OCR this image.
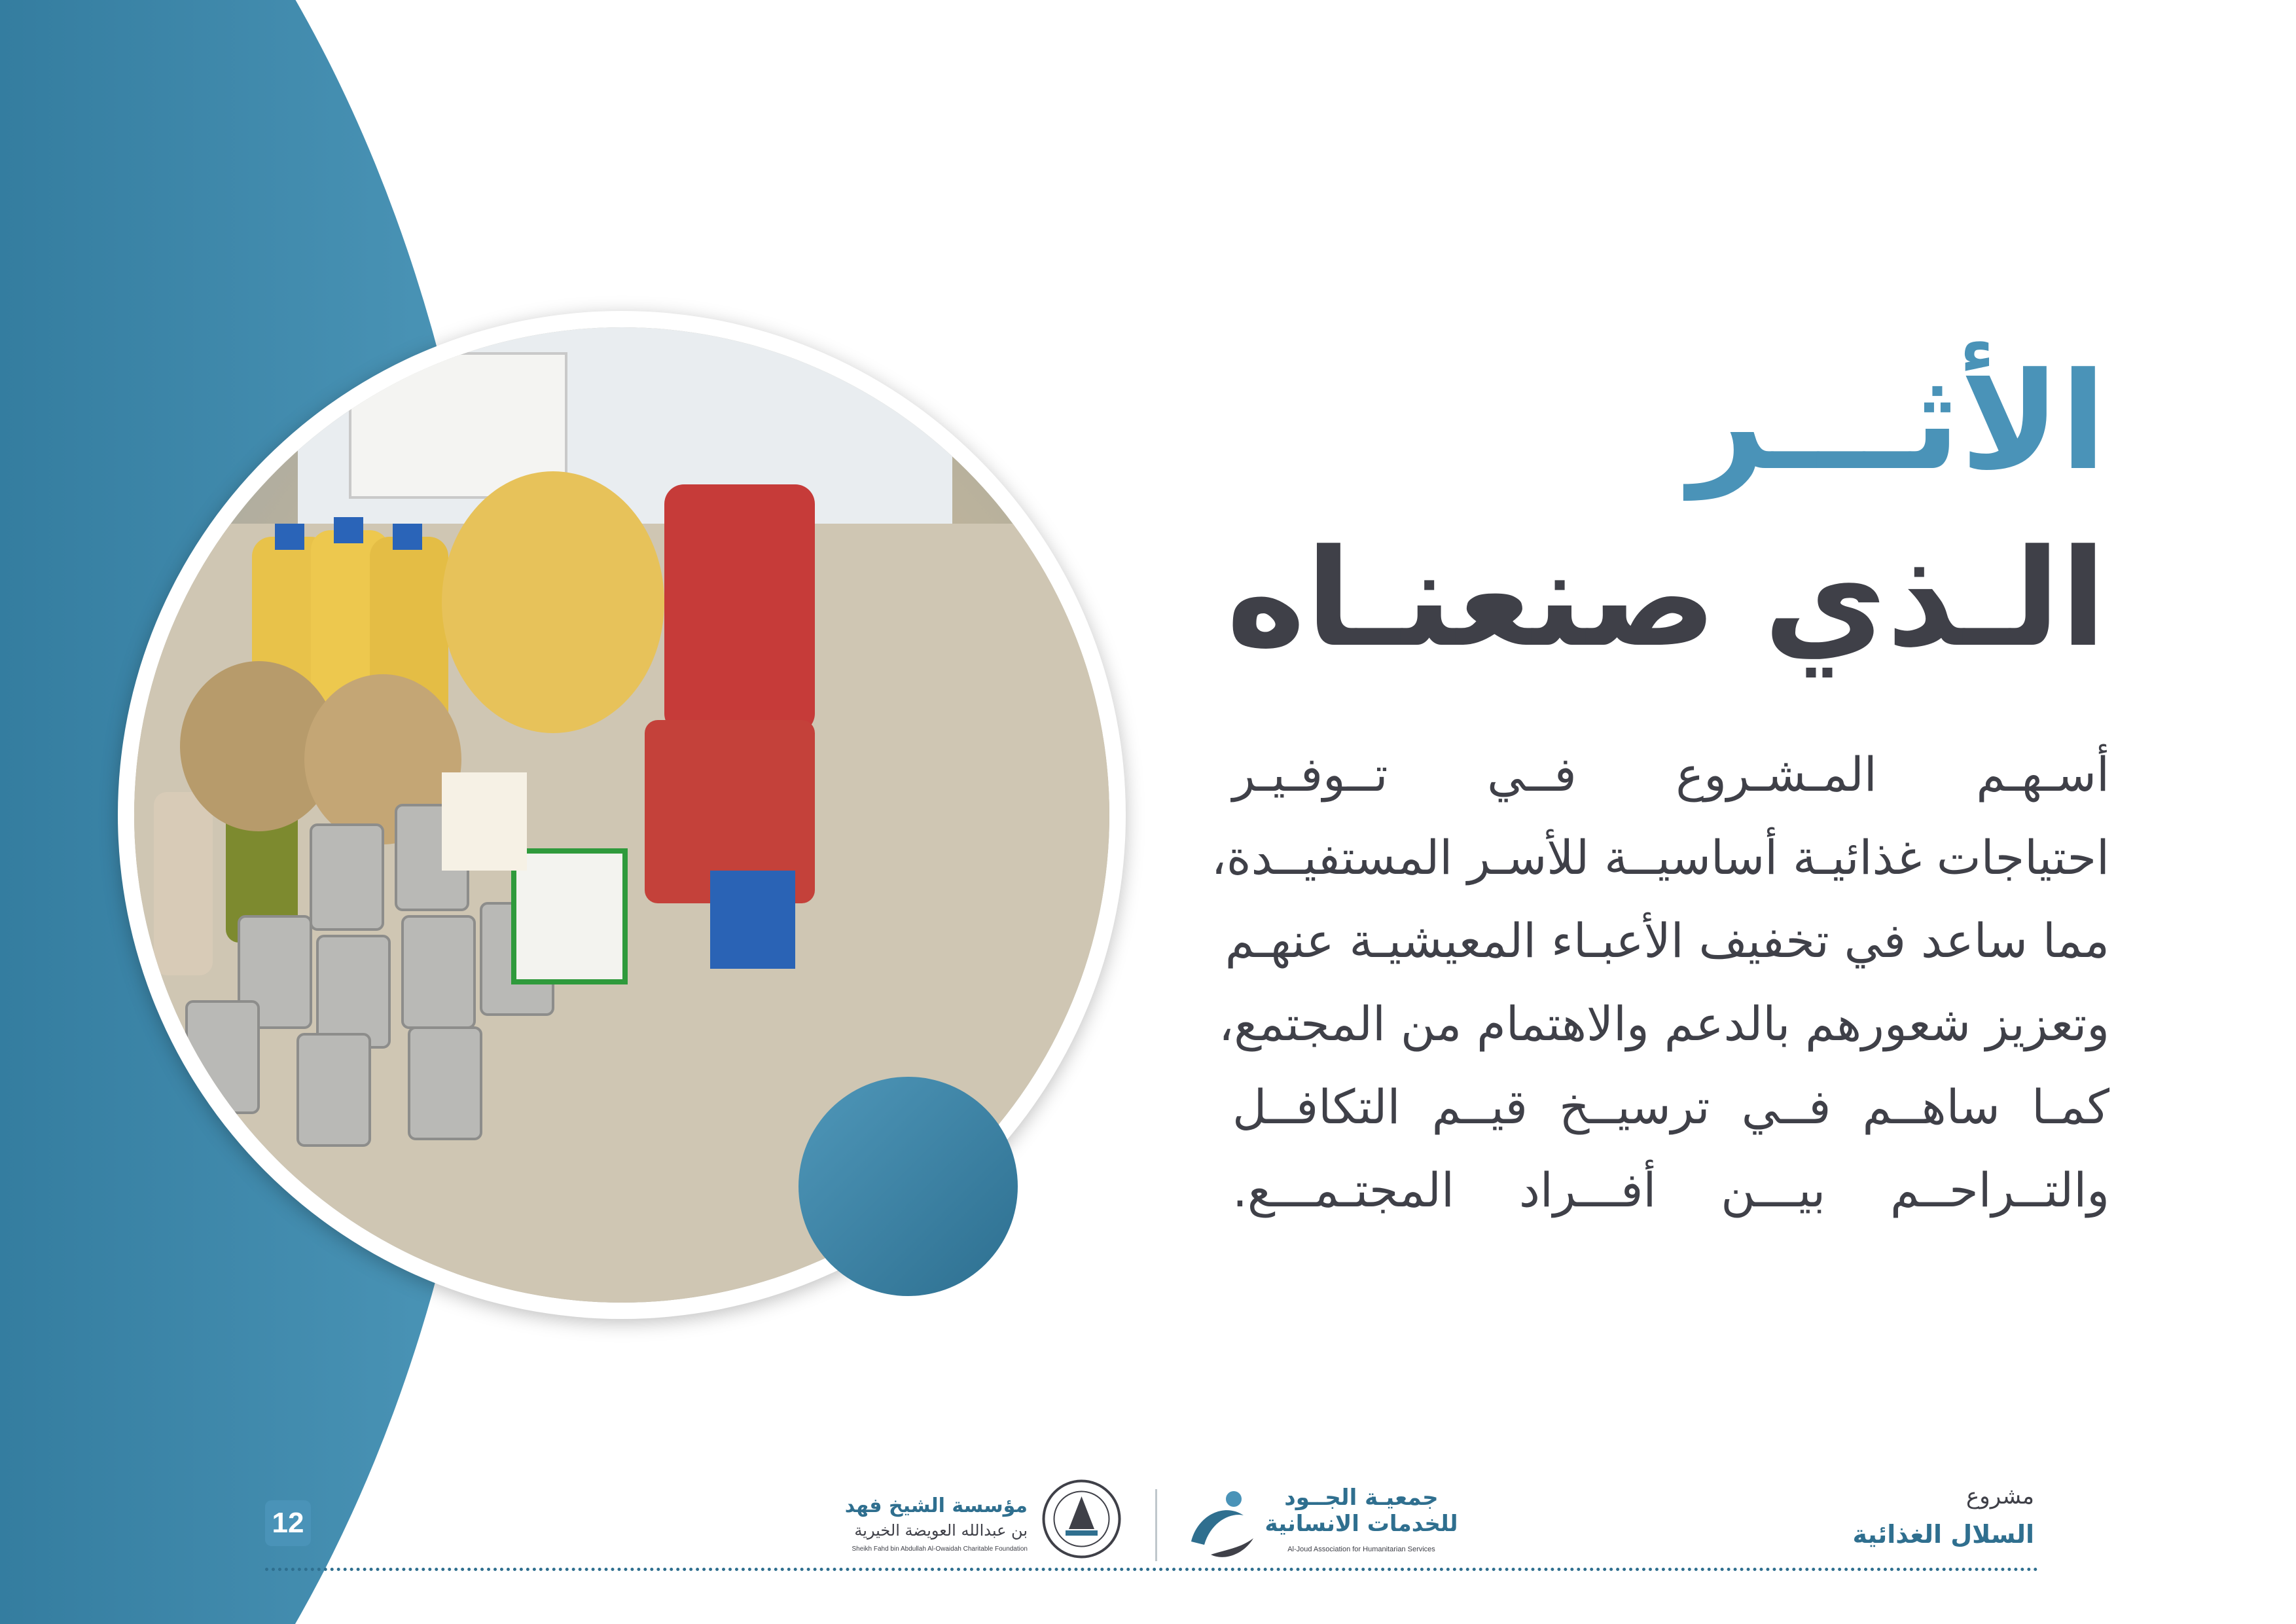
الأثـــر
الـذي صنعنـاه
أسـهـم المـشـروع فــي تــوفـيـر
احتياجات غذائيـة أساسيــة للأسـر المستفيــدة،
مما ساعد في تخفيف الأعبـاء المعيشيـة عنهـم
وتعزيز شعورهم بالدعم والاهتمام من المجتمع،
كمـا ساهــم فــي ترسيــخ قيــم التكافــل
والتــراحــم بيـــن أفـــراد المجتـمـــع.
12
مؤسسة الشيخ فهد
بن عبدالله العويضة الخيرية
Sheikh Fahd bin Abdullah Al-Owaidah Charitable Foundation
جمعيـة الجــود
للخدمات الانسانية
Al-Joud Association for Humanitarian Services
مشروع
السلال الغذائية
